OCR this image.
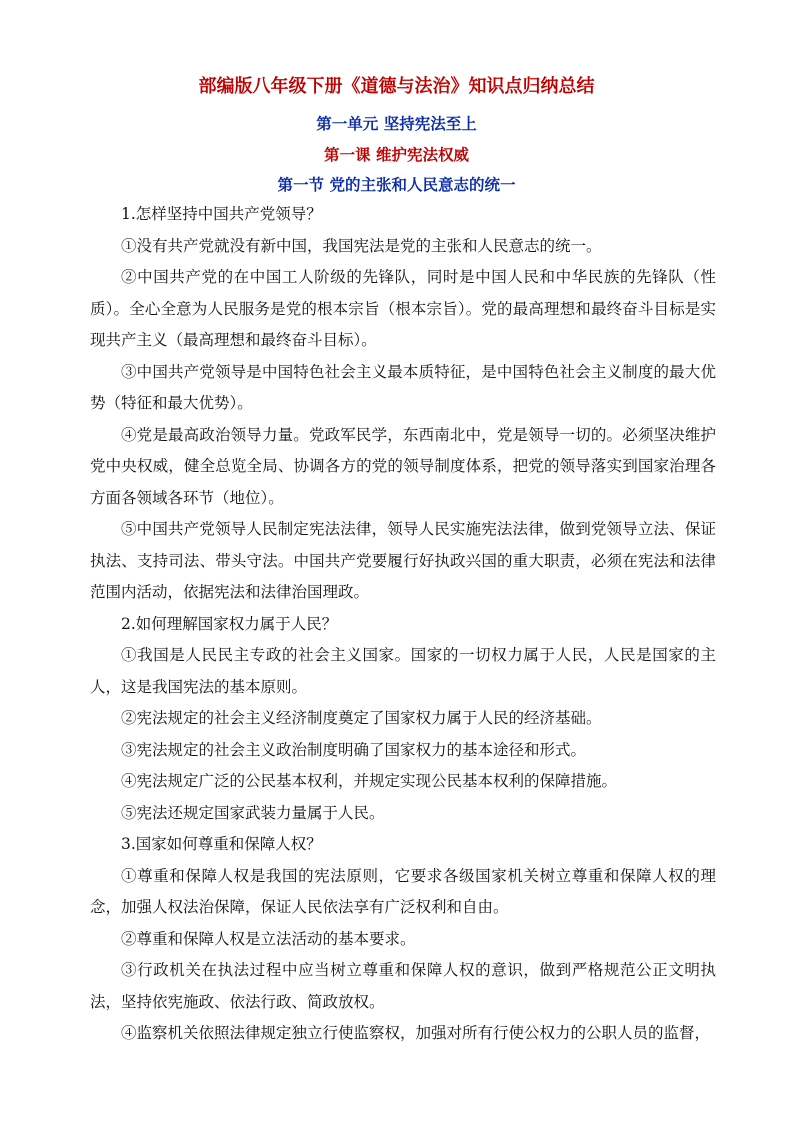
部编版八年级下册《道德与法治》知识点归纳总结
第一单元 坚持宪法至上
第一课 维护宪法权威
第一节 党的主张和人民意志的统一

1.怎样坚持中国共产党领导？

①没有共产党就没有新中国，我国宪法是党的主张和人民意志的统一。

②中国共产党的在中国工人阶级的先锋队，同时是中国人民和中华民族的先锋队（性质）。全心全意为人民服务是党的根本宗旨（根本宗旨）。党的最高理想和最终奋斗目标是实现共产主义（最高理想和最终奋斗目标）。

③中国共产党领导是中国特色社会主义最本质特征，是中国特色社会主义制度的最大优势（特征和最大优势）。

④党是最高政治领导力量。党政军民学，东西南北中，党是领导一切的。必须坚决维护党中央权威，健全总览全局、协调各方的党的领导制度体系，把党的领导落实到国家治理各方面各领域各环节（地位）。

⑤中国共产党领导人民制定宪法法律，领导人民实施宪法法律，做到党领导立法、保证执法、支持司法、带头守法。中国共产党要履行好执政兴国的重大职责，必须在宪法和法律范围内活动，依据宪法和法律治国理政。

2.如何理解国家权力属于人民？

①我国是人民民主专政的社会主义国家。国家的一切权力属于人民，人民是国家的主人，这是我国宪法的基本原则。

②宪法规定的社会主义经济制度奠定了国家权力属于人民的经济基础。

③宪法规定的社会主义政治制度明确了国家权力的基本途径和形式。

④宪法规定广泛的公民基本权利，并规定实现公民基本权利的保障措施。

⑤宪法还规定国家武装力量属于人民。

3.国家如何尊重和保障人权？

①尊重和保障人权是我国的宪法原则，它要求各级国家机关树立尊重和保障人权的理念，加强人权法治保障，保证人民依法享有广泛权利和自由。

②尊重和保障人权是立法活动的基本要求。

③行政机关在执法过程中应当树立尊重和保障人权的意识，做到严格规范公正文明执法，坚持依宪施政、依法行政、简政放权。

④监察机关依照法律规定独立行使监察权，加强对所有行使公权力的公职人员的监督，
